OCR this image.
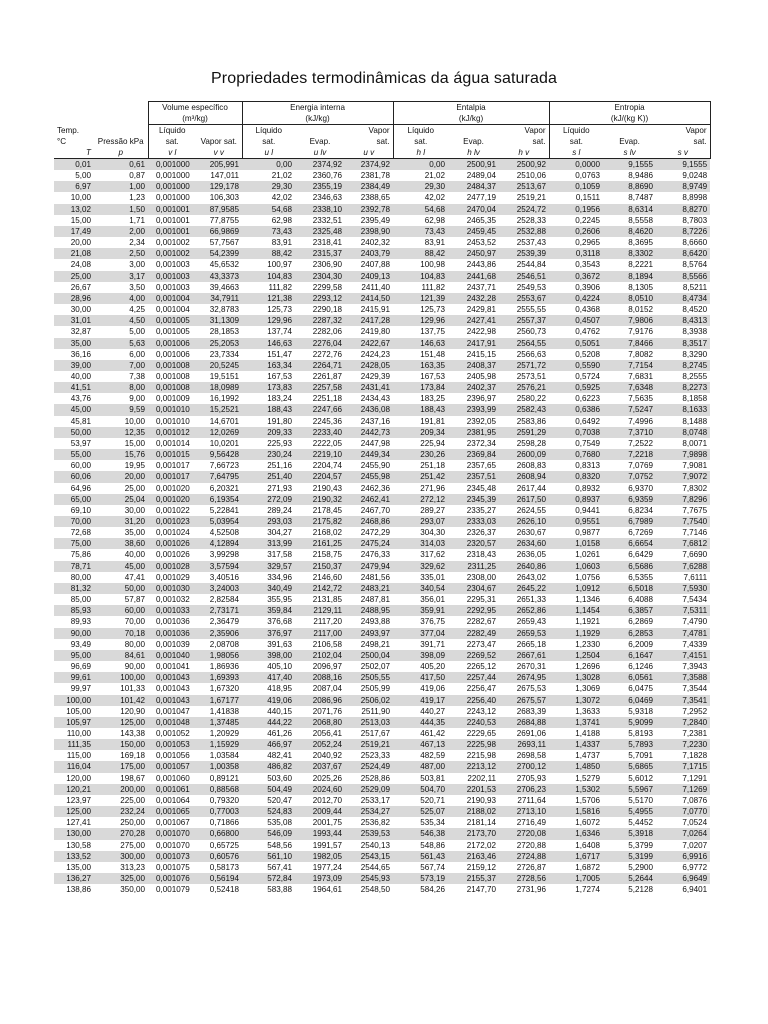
Propriedades termodinâmicas da água saturada
		Volume específico		Energia interna			Entalpia			Entropia		
		(m³/kg)		(kJ/kg)			(kJ/kg)			(kJ/(kg K))		
Temp.		Líquido		Líquido		Vapor	Líquido		Vapor	Líquido		Vapor
°C	Pressão kPa	sat.	Vapor sat.	sat.	Evap.	sat.	sat.	Evap.	sat.	sat.	Evap.	sat.
T	p	v l	v v	u l	u lv	u v	h l	h lv	h v	s l	s lv	s v
0,01	0,61	0,001000	205,991	0,00	2374,92	2374,92	0,00	2500,91	2500,92	0,0000	9,1555	9,1555
5,00	0,87	0,001000	147,011	21,02	2360,76	2381,78	21,02	2489,04	2510,06	0,0763	8,9486	9,0248
6,97	1,00	0,001000	129,178	29,30	2355,19	2384,49	29,30	2484,37	2513,67	0,1059	8,8690	8,9749
10,00	1,23	0,001000	106,303	42,02	2346,63	2388,65	42,02	2477,19	2519,21	0,1511	8,7487	8,8998
13,02	1,50	0,001001	87,9585	54,68	2338,10	2392,78	54,68	2470,04	2524,72	0,1956	8,6314	8,8270
15,00	1,71	0,001001	77,8755	62,98	2332,51	2395,49	62,98	2465,35	2528,33	0,2245	8,5558	8,7803
17,49	2,00	0,001001	66,9869	73,43	2325,48	2398,90	73,43	2459,45	2532,88	0,2606	8,4620	8,7226
20,00	2,34	0,001002	57,7567	83,91	2318,41	2402,32	83,91	2453,52	2537,43	0,2965	8,3695	8,6660
21,08	2,50	0,001002	54,2399	88,42	2315,37	2403,79	88,42	2450,97	2539,39	0,3118	8,3302	8,6420
24,08	3,00	0,001003	45,6532	100,97	2306,90	2407,88	100,98	2443,86	2544,84	0,3543	8,2221	8,5764
25,00	3,17	0,001003	43,3373	104,83	2304,30	2409,13	104,83	2441,68	2546,51	0,3672	8,1894	8,5566
26,67	3,50	0,001003	39,4663	111,82	2299,58	2411,40	111,82	2437,71	2549,53	0,3906	8,1305	8,5211
28,96	4,00	0,001004	34,7911	121,38	2293,12	2414,50	121,39	2432,28	2553,67	0,4224	8,0510	8,4734
30,00	4,25	0,001004	32,8783	125,73	2290,18	2415,91	125,73	2429,81	2555,55	0,4368	8,0152	8,4520
31,01	4,50	0,001005	31,1309	129,96	2287,32	2417,28	129,96	2427,41	2557,37	0,4507	7,9806	8,4313
32,87	5,00	0,001005	28,1853	137,74	2282,06	2419,80	137,75	2422,98	2560,73	0,4762	7,9176	8,3938
35,00	5,63	0,001006	25,2053	146,63	2276,04	2422,67	146,63	2417,91	2564,55	0,5051	7,8466	8,3517
36,16	6,00	0,001006	23,7334	151,47	2272,76	2424,23	151,48	2415,15	2566,63	0,5208	7,8082	8,3290
39,00	7,00	0,001008	20,5245	163,34	2264,71	2428,05	163,35	2408,37	2571,72	0,5590	7,7154	8,2745
40,00	7,38	0,001008	19,5151	167,53	2261,87	2429,39	167,53	2405,98	2573,51	0,5724	7,6831	8,2555
41,51	8,00	0,001008	18,0989	173,83	2257,58	2431,41	173,84	2402,37	2576,21	0,5925	7,6348	8,2273
43,76	9,00	0,001009	16,1992	183,24	2251,18	2434,43	183,25	2396,97	2580,22	0,6223	7,5635	8,1858
45,00	9,59	0,001010	15,2521	188,43	2247,66	2436,08	188,43	2393,99	2582,43	0,6386	7,5247	8,1633
45,81	10,00	0,001010	14,6701	191,80	2245,36	2437,16	191,81	2392,05	2583,86	0,6492	7,4996	8,1488
50,00	12,35	0,001012	12,0269	209,33	2233,40	2442,73	209,34	2381,95	2591,29	0,7038	7,3710	8,0748
53,97	15,00	0,001014	10,0201	225,93	2222,05	2447,98	225,94	2372,34	2598,28	0,7549	7,2522	8,0071
55,00	15,76	0,001015	9,56428	230,24	2219,10	2449,34	230,26	2369,84	2600,09	0,7680	7,2218	7,9898
60,00	19,95	0,001017	7,66723	251,16	2204,74	2455,90	251,18	2357,65	2608,83	0,8313	7,0769	7,9081
60,06	20,00	0,001017	7,64795	251,40	2204,57	2455,98	251,42	2357,51	2608,94	0,8320	7,0752	7,9072
64,96	25,00	0,001020	6,20321	271,93	2190,43	2462,36	271,96	2345,48	2617,44	0,8932	6,9370	7,8302
65,00	25,04	0,001020	6,19354	272,09	2190,32	2462,41	272,12	2345,39	2617,50	0,8937	6,9359	7,8296
69,10	30,00	0,001022	5,22841	289,24	2178,45	2467,70	289,27	2335,27	2624,55	0,9441	6,8234	7,7675
70,00	31,20	0,001023	5,03954	293,03	2175,82	2468,86	293,07	2333,03	2626,10	0,9551	6,7989	7,7540
72,68	35,00	0,001024	4,52508	304,27	2168,02	2472,29	304,30	2326,37	2630,67	0,9877	6,7269	7,7146
75,00	38,60	0,001026	4,12894	313,99	2161,25	2475,24	314,03	2320,57	2634,60	1,0158	6,6654	7,6812
75,86	40,00	0,001026	3,99298	317,58	2158,75	2476,33	317,62	2318,43	2636,05	1,0261	6,6429	7,6690
78,71	45,00	0,001028	3,57594	329,57	2150,37	2479,94	329,62	2311,25	2640,86	1,0603	6,5686	7,6288
80,00	47,41	0,001029	3,40516	334,96	2146,60	2481,56	335,01	2308,00	2643,02	1,0756	6,5355	7,6111
81,32	50,00	0,001030	3,24003	340,49	2142,72	2483,21	340,54	2304,67	2645,22	1,0912	6,5018	7,5930
85,00	57,87	0,001032	2,82584	355,95	2131,85	2487,81	356,01	2295,31	2651,33	1,1346	6,4088	7,5434
85,93	60,00	0,001033	2,73171	359,84	2129,11	2488,95	359,91	2292,95	2652,86	1,1454	6,3857	7,5311
89,93	70,00	0,001036	2,36479	376,68	2117,20	2493,88	376,75	2282,67	2659,43	1,1921	6,2869	7,4790
90,00	70,18	0,001036	2,35906	376,97	2117,00	2493,97	377,04	2282,49	2659,53	1,1929	6,2853	7,4781
93,49	80,00	0,001039	2,08708	391,63	2106,58	2498,21	391,71	2273,47	2665,18	1,2330	6,2009	7,4339
95,00	84,61	0,001040	1,98056	398,00	2102,04	2500,04	398,09	2269,52	2667,61	1,2504	6,1647	7,4151
96,69	90,00	0,001041	1,86936	405,10	2096,97	2502,07	405,20	2265,12	2670,31	1,2696	6,1246	7,3943
99,61	100,00	0,001043	1,69393	417,40	2088,16	2505,55	417,50	2257,44	2674,95	1,3028	6,0561	7,3588
99,97	101,33	0,001043	1,67320	418,95	2087,04	2505,99	419,06	2256,47	2675,53	1,3069	6,0475	7,3544
100,00	101,42	0,001043	1,67177	419,06	2086,96	2506,02	419,17	2256,40	2675,57	1,3072	6,0469	7,3541
105,00	120,90	0,001047	1,41838	440,15	2071,76	2511,90	440,27	2243,12	2683,39	1,3633	5,9318	7,2952
105,97	125,00	0,001048	1,37485	444,22	2068,80	2513,03	444,35	2240,53	2684,88	1,3741	5,9099	7,2840
110,00	143,38	0,001052	1,20929	461,26	2056,41	2517,67	461,42	2229,65	2691,06	1,4188	5,8193	7,2381
111,35	150,00	0,001053	1,15929	466,97	2052,24	2519,21	467,13	2225,98	2693,11	1,4337	5,7893	7,2230
115,00	169,18	0,001056	1,03584	482,41	2040,92	2523,33	482,59	2215,98	2698,58	1,4737	5,7091	7,1828
116,04	175,00	0,001057	1,00358	486,82	2037,67	2524,49	487,00	2213,12	2700,12	1,4850	5,6865	7,1715
120,00	198,67	0,001060	0,89121	503,60	2025,26	2528,86	503,81	2202,11	2705,93	1,5279	5,6012	7,1291
120,21	200,00	0,001061	0,88568	504,49	2024,60	2529,09	504,70	2201,53	2706,23	1,5302	5,5967	7,1269
123,97	225,00	0,001064	0,79320	520,47	2012,70	2533,17	520,71	2190,93	2711,64	1,5706	5,5170	7,0876
125,00	232,24	0,001065	0,77003	524,83	2009,44	2534,27	525,07	2188,02	2713,10	1,5816	5,4955	7,0770
127,41	250,00	0,001067	0,71866	535,08	2001,75	2536,82	535,34	2181,14	2716,49	1,6072	5,4452	7,0524
130,00	270,28	0,001070	0,66800	546,09	1993,44	2539,53	546,38	2173,70	2720,08	1,6346	5,3918	7,0264
130,58	275,00	0,001070	0,65725	548,56	1991,57	2540,13	548,86	2172,02	2720,88	1,6408	5,3799	7,0207
133,52	300,00	0,001073	0,60576	561,10	1982,05	2543,15	561,43	2163,46	2724,88	1,6717	5,3199	6,9916
135,00	313,23	0,001075	0,58173	567,41	1977,24	2544,65	567,74	2159,12	2726,87	1,6872	5,2900	6,9772
136,27	325,00	0,001076	0,56194	572,84	1973,09	2545,93	573,19	2155,37	2728,56	1,7005	5,2644	6,9649
138,86	350,00	0,001079	0,52418	583,88	1964,61	2548,50	584,26	2147,70	2731,96	1,7274	5,2128	6,9401
